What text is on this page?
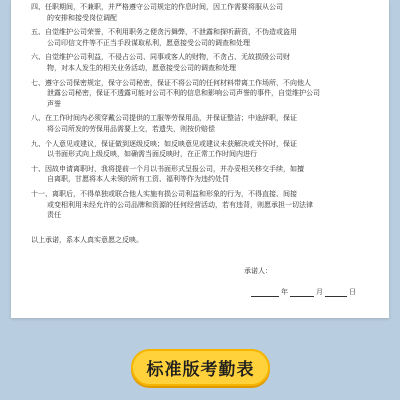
四、任职期间，不兼职，并严格遵守公司规定的作息时间，因工作需要将服从公司
的安排和接受岗位调配
五、自觉维护公司荣誉，不利用职务之便贪污舞弊，不泄露和探听薪资，不伪造或盗用
公司印信文件等不正当手段谋取私利，愿意接受公司的调查和处理
六、自觉维护公司利益，不侵占公司、同事或客人的财物，不贪占、无故损毁公司财
物，对本人发生的相关业务活动，愿意接受公司的调查和处理
七、遵守公司保密规定，保守公司秘密，保证不将公司的任何材料带离工作场所，不向他人
泄露公司秘密，保证不透露可能对公司不利的信息和影响公司声誉的事件，自觉维护公司
声誉
八、在工作时间内必须穿戴公司提供的工服等劳保用品，并保证整洁；中途辞职，保证
将公司所发的劳保用品需要上交，若遗失，则按价赔偿
九、个人意见或建议，保证做到逐级反映；如反映意见或建议未获解决或关怀时，保证
以书面形式向上级反映，如确需当面反映时，在正常工作时间内进行
十、因故申请离职时，我将提前一个月以书面形式呈报公司，并办妥相关移交手续，如擅
自离职，甘愿将本人未领的所有工资、福利等作为违约处罚
十一、离职后，不得单独或联合他人实施有损公司利益和形象的行为，不得直接、间接
或变相利用未经允许的公司品牌和资源的任何经营活动，若有违背，则愿承担一切法律
责任
以上承诺，系本人真实意愿之反映。
承诺人：
年	月	日
标准版考勤表
